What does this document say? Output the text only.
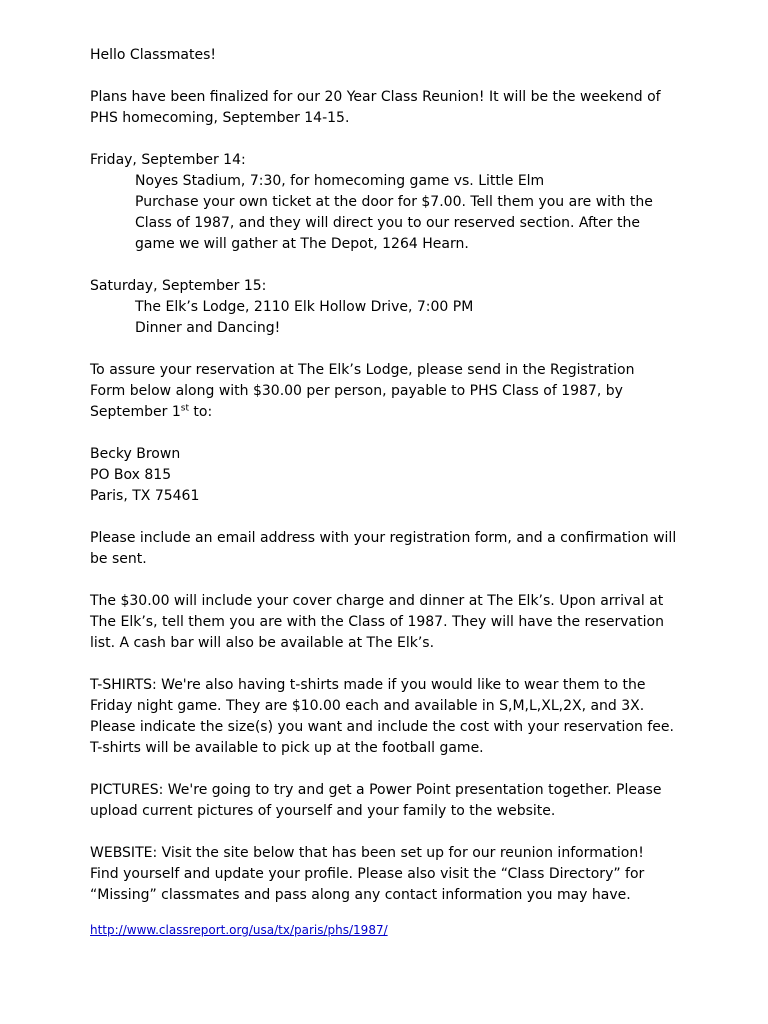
Hello Classmates!

Plans have been finalized for our 20 Year Class Reunion! It will be the weekend of
PHS homecoming, September 14-15.

Friday, September 14:
Noyes Stadium, 7:30, for homecoming game vs. Little Elm
Purchase your own ticket at the door for $7.00. Tell them you are with the
Class of 1987, and they will direct you to our reserved section. After the
game we will gather at The Depot, 1264 Hearn.
Saturday, September 15:
The Elk’s Lodge, 2110 Elk Hollow Drive, 7:00 PM
Dinner and Dancing!

To assure your reservation at The Elk’s Lodge, please send in the Registration
Form below along with $30.00 per person, payable to PHS Class of 1987, by
September 1st to:

Becky Brown
PO Box 815
Paris, TX 75461

Please include an email address with your registration form, and a confirmation will
be sent.

The $30.00 will include your cover charge and dinner at The Elk’s. Upon arrival at
The Elk’s, tell them you are with the Class of 1987. They will have the reservation
list. A cash bar will also be available at The Elk’s.

T-SHIRTS: We're also having t-shirts made if you would like to wear them to the
Friday night game. They are $10.00 each and available in S,M,L,XL,2X, and 3X.
Please indicate the size(s) you want and include the cost with your reservation fee.
T-shirts will be available to pick up at the football game.

PICTURES: We're going to try and get a Power Point presentation together. Please
upload current pictures of yourself and your family to the website.

WEBSITE: Visit the site below that has been set up for our reunion information!
Find yourself and update your profile. Please also visit the “Class Directory” for
“Missing” classmates and pass along any contact information you may have.

http://www.classreport.org/usa/tx/paris/phs/1987/
